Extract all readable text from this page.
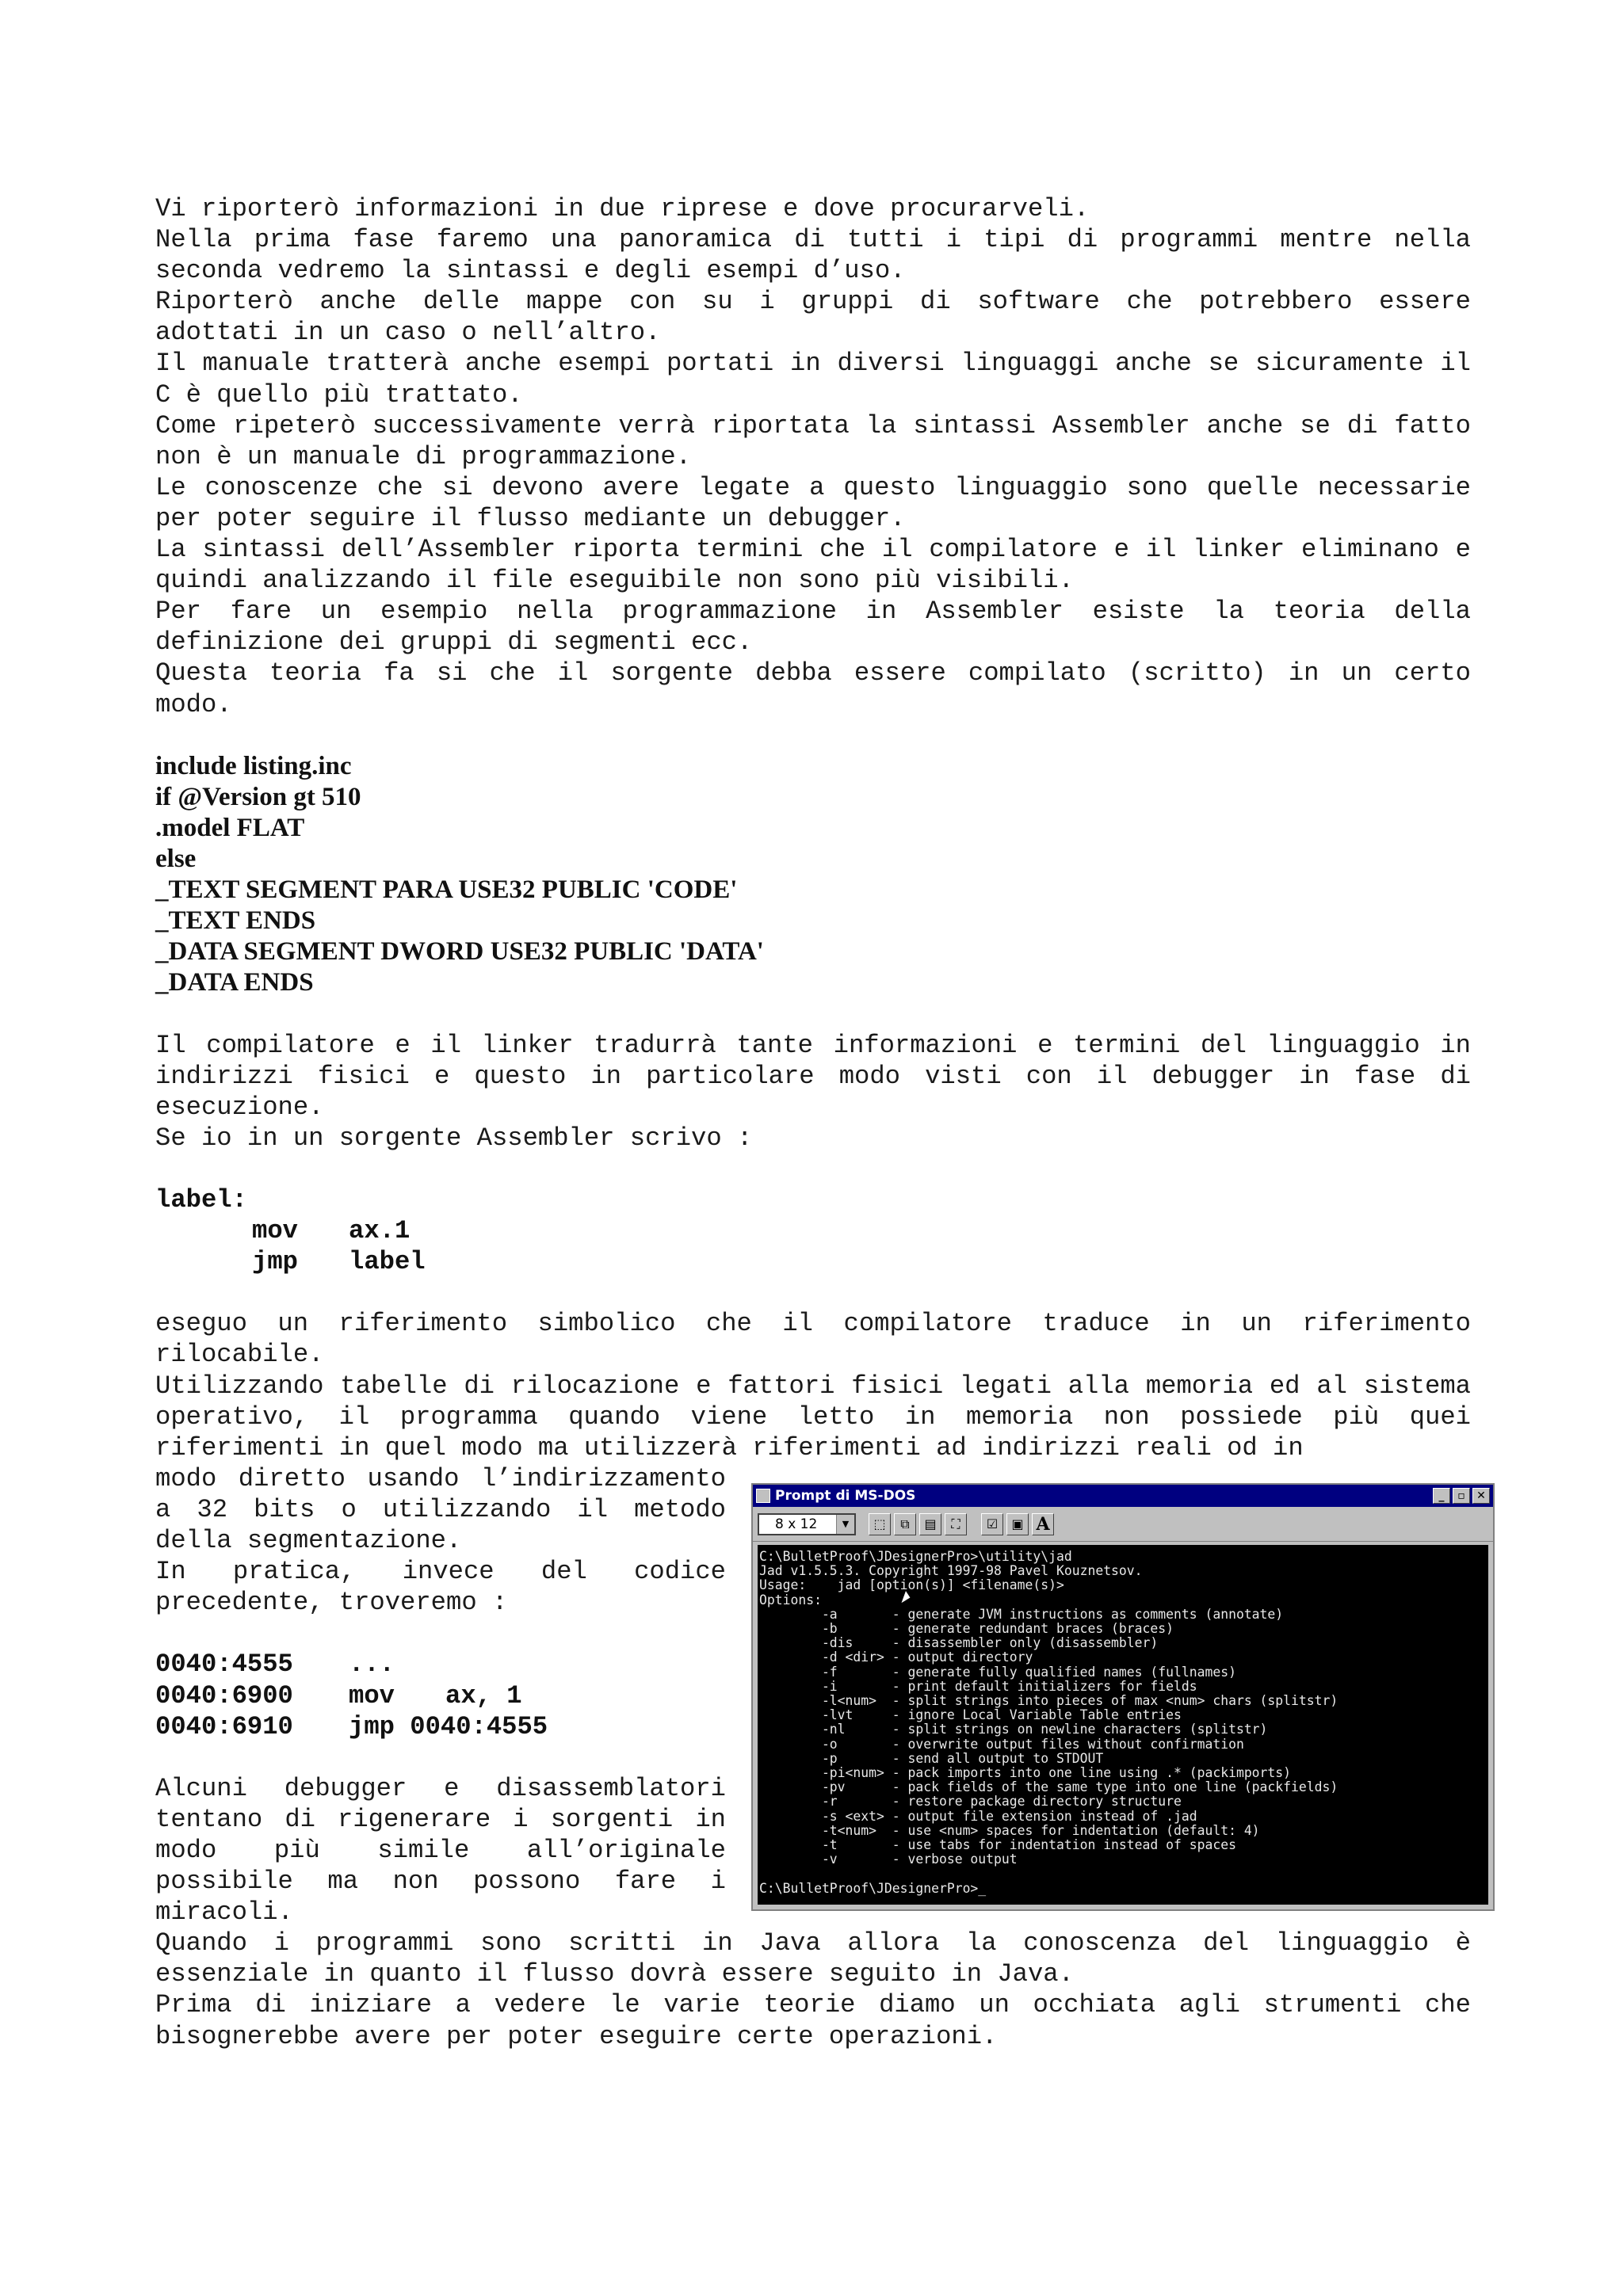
Vi riporterò informazioni in due riprese e dove procurarveli.

Nella prima fase faremo una panoramica di tutti i tipi di programmi mentre nella seconda vedremo la sintassi e degli esempi d’uso.

Riporterò anche delle mappe con su i gruppi di software che potrebbero essere adottati in un caso o nell’altro.

Il manuale tratterà anche esempi portati in diversi linguaggi anche se sicuramente il C è quello più trattato.

Come ripeterò successivamente verrà riportata la sintassi Assembler anche se di fatto non è un manuale di programmazione.

Le conoscenze che si devono avere legate a questo linguaggio sono quelle necessarie per poter seguire il flusso mediante un debugger.

La sintassi dell’Assembler riporta termini che il compilatore e il linker eliminano e quindi analizzando il file eseguibile non sono più visibili.

Per fare un esempio nella programmazione in Assembler esiste la teoria della definizione dei gruppi di segmenti ecc.

Questa teoria fa si che il sorgente debba essere compilato (scritto) in un certo modo.

include listing.inc

if @Version gt 510

.model FLAT

else

_TEXT SEGMENT PARA USE32 PUBLIC 'CODE'

_TEXT ENDS

_DATA SEGMENT DWORD USE32 PUBLIC 'DATA'

_DATA ENDS

Il compilatore e il linker tradurrà tante informazioni e termini del linguaggio in indirizzi fisici e questo in particolare modo visti con il debugger in fase di esecuzione.

Se io in un sorgente Assembler scrivo :

label:

mov ax.1

jmp label

eseguo un riferimento simbolico che il compilatore traduce in un riferimento rilocabile.

Utilizzando tabelle di rilocazione e fattori fisici legati alla memoria ed al sistema operativo, il programma quando viene letto in memoria non possiede più quei riferimenti in quel modo ma utilizzerà riferimenti ad indirizzi reali od in

modo diretto usando l’indirizzamento a 32 bits o utilizzando il metodo della segmentazione.

In pratica, invece del codice precedente, troveremo :

0040:4555 ...

0040:6900 mov ax, 1

0040:6910 jmp 0040:4555

Alcuni debugger e disassemblatori tentano di rigenerare i sorgenti in modo più simile all’originale possibile ma non possono fare i miracoli.

Quando i programmi sono scritti in Java allora la conoscenza del linguaggio è essenziale in quanto il flusso dovrà essere seguito in Java.

Prima di iniziare a vedere le varie teorie diamo un occhiata agli strumenti che bisognerebbe avere per poter eseguire certe operazioni.

Prompt di MS-DOS	_	▫	✕
8 x 12	▼	⬚	⧉	▤	⛶	☑	▣ A
C:\BulletProof\JDesignerPro>\utility\jad
Jad v1.5.5.3. Copyright 1997-98 Pavel Kouznetsov.
Usage:    jad [option(s)] <filename(s)>
Options:
-a       - generate JVM instructions as comments (annotate)
-b       - generate redundant braces (braces)
-dis     - disassembler only (disassembler)
-d <dir> - output directory
-f       - generate fully qualified names (fullnames)
-i       - print default initializers for fields
-l<num>  - split strings into pieces of max <num> chars (splitstr)
-lvt     - ignore Local Variable Table entries
-nl      - split strings on newline characters (splitstr)
-o       - overwrite output files without confirmation
-p       - send all output to STDOUT
-pi<num> - pack imports into one line using .* (packimports)
-pv      - pack fields of the same type into one line (packfields)
-r       - restore package directory structure
-s <ext> - output file extension instead of .jad
-t<num>  - use <num> spaces for indentation (default: 4)
-t       - use tabs for indentation instead of spaces
-v       - verbose output

C:\BulletProof\JDesignerPro>_
